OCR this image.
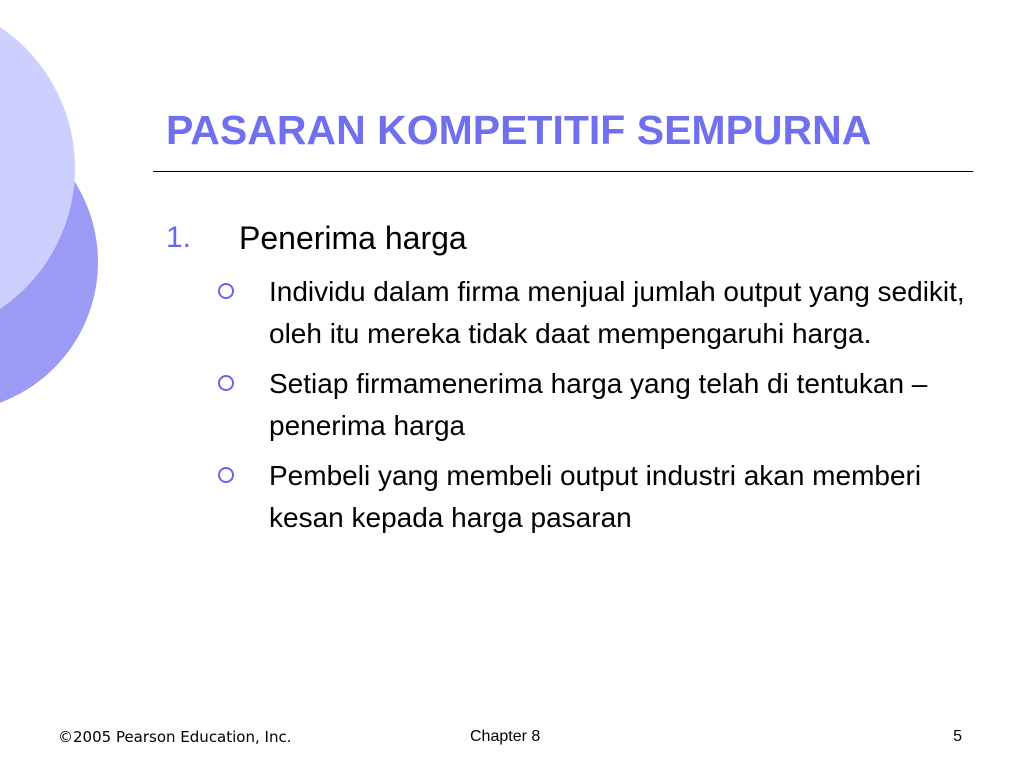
PASARAN KOMPETITIF SEMPURNA
1. Penerima harga
Individu dalam firma menjual jumlah output yang sedikit, oleh itu mereka tidak daat mempengaruhi harga.
Setiap firmamenerima harga yang telah di tentukan – penerima harga
Pembeli yang membeli output industri akan memberi kesan kepada harga pasaran
©2005 Pearson Education, Inc.	Chapter 8	5
